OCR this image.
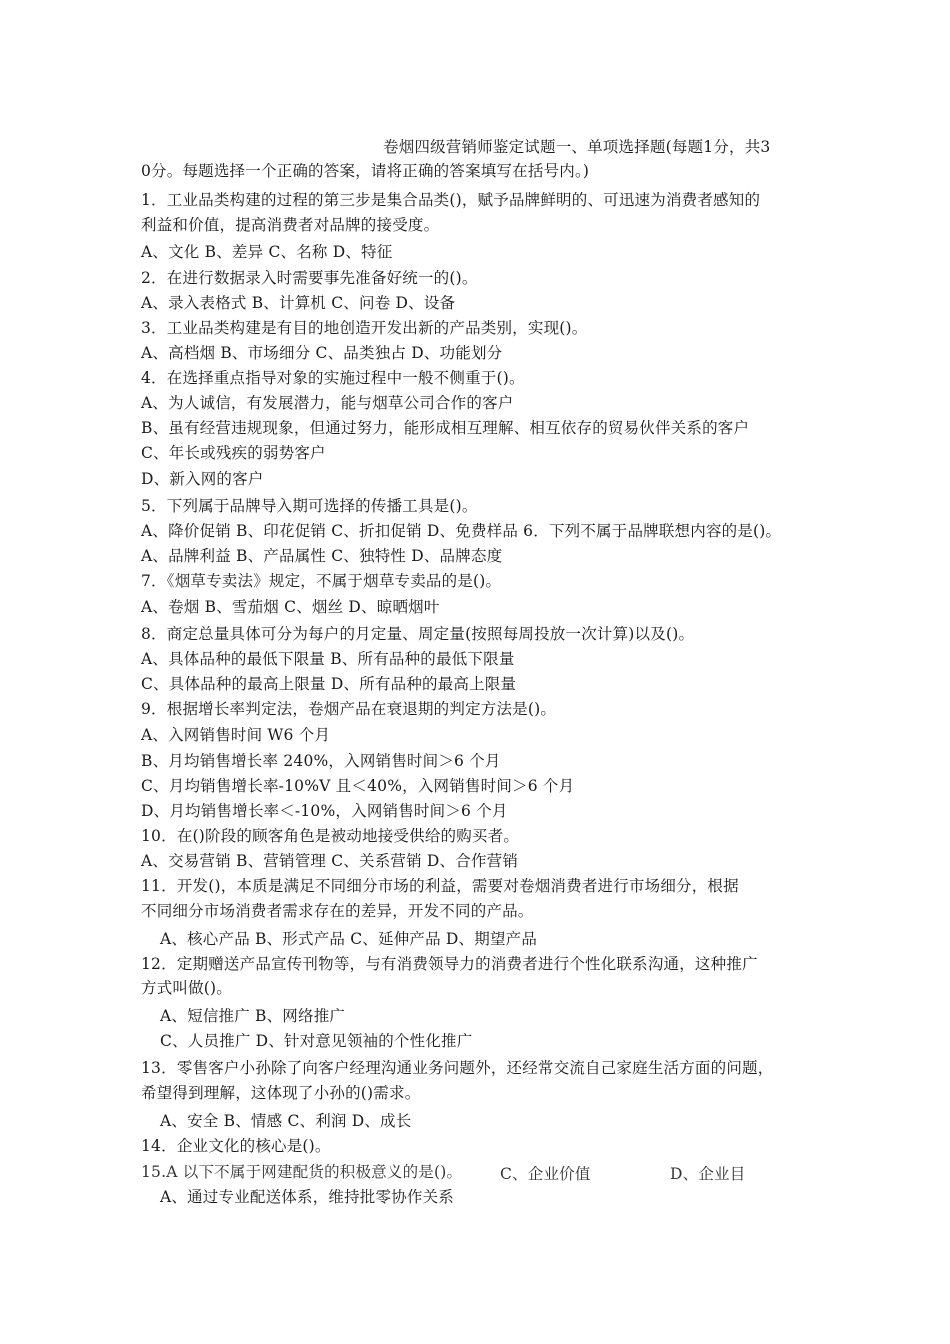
卷烟四级营销师鉴定试题一、单项选择题(每题1分，共3
0分。每题选择一个正确的答案，请将正确的答案填写在括号内。)
1．工业品类构建的过程的第三步是集合品类()，赋予品牌鲜明的、可迅速为消费者感知的
利益和价值，提高消费者对品牌的接受度。
A、文化 B、差异 C、名称 D、特征
2．在进行数据录入时需要事先准备好统一的()。
A、录入表格式 B、计算机 C、问卷 D、设备
3．工业品类构建是有目的地创造开发出新的产品类别，实现()。
A、高档烟 B、市场细分 C、品类独占 D、功能划分
4．在选择重点指导对象的实施过程中一般不侧重于()。
A、为人诚信，有发展潜力，能与烟草公司合作的客户
B、虽有经营违规现象，但通过努力，能形成相互理解、相互依存的贸易伙伴关系的客户
C、年长或残疾的弱势客户
D、新入网的客户
5．下列属于品牌导入期可选择的传播工具是()。
A、降价促销 B、印花促销 C、折扣促销 D、免费样品 6．下列不属于品牌联想内容的是()。
A、品牌利益 B、产品属性 C、独特性 D、品牌态度
7．《烟草专卖法》规定，不属于烟草专卖品的是()。
A、卷烟 B、雪茄烟 C、烟丝 D、晾晒烟叶
8．商定总量具体可分为每户的月定量、周定量(按照每周投放一次计算)以及()。
A、具体品种的最低下限量 B、所有品种的最低下限量
C、具体品种的最高上限量 D、所有品种的最高上限量
9．根据增长率判定法，卷烟产品在衰退期的判定方法是()。
A、入网销售时间 W6 个月
B、月均销售增长率 240%，入网销售时间＞6 个月
C、月均销售增长率-10%V 且＜40%，入网销售时间＞6 个月
D、月均销售增长率＜-10%，入网销售时间＞6 个月
10．在()阶段的顾客角色是被动地接受供给的购买者。
A、交易营销 B、营销管理 C、关系营销 D、合作营销
11．开发()，本质是满足不同细分市场的利益，需要对卷烟消费者进行市场细分，根据
不同细分市场消费者需求存在的差异，开发不同的产品。
A、核心产品 B、形式产品 C、延伸产品 D、期望产品
12．定期赠送产品宣传刊物等，与有消费领导力的消费者进行个性化联系沟通，这种推广
方式叫做()。
A、短信推广 B、网络推广
C、人员推广 D、针对意见领袖的个性化推广
13．零售客户小孙除了向客户经理沟通业务问题外，还经常交流自己家庭生活方面的问题，
希望得到理解，这体现了小孙的()需求。
A、安全 B、情感 C、利润 D、成长
14．企业文化的核心是()。
15.A 以下不属于网建配货的积极意义的是()。 C、企业价值	D、企业目
A、通过专业配送体系，维持批零协作关系
